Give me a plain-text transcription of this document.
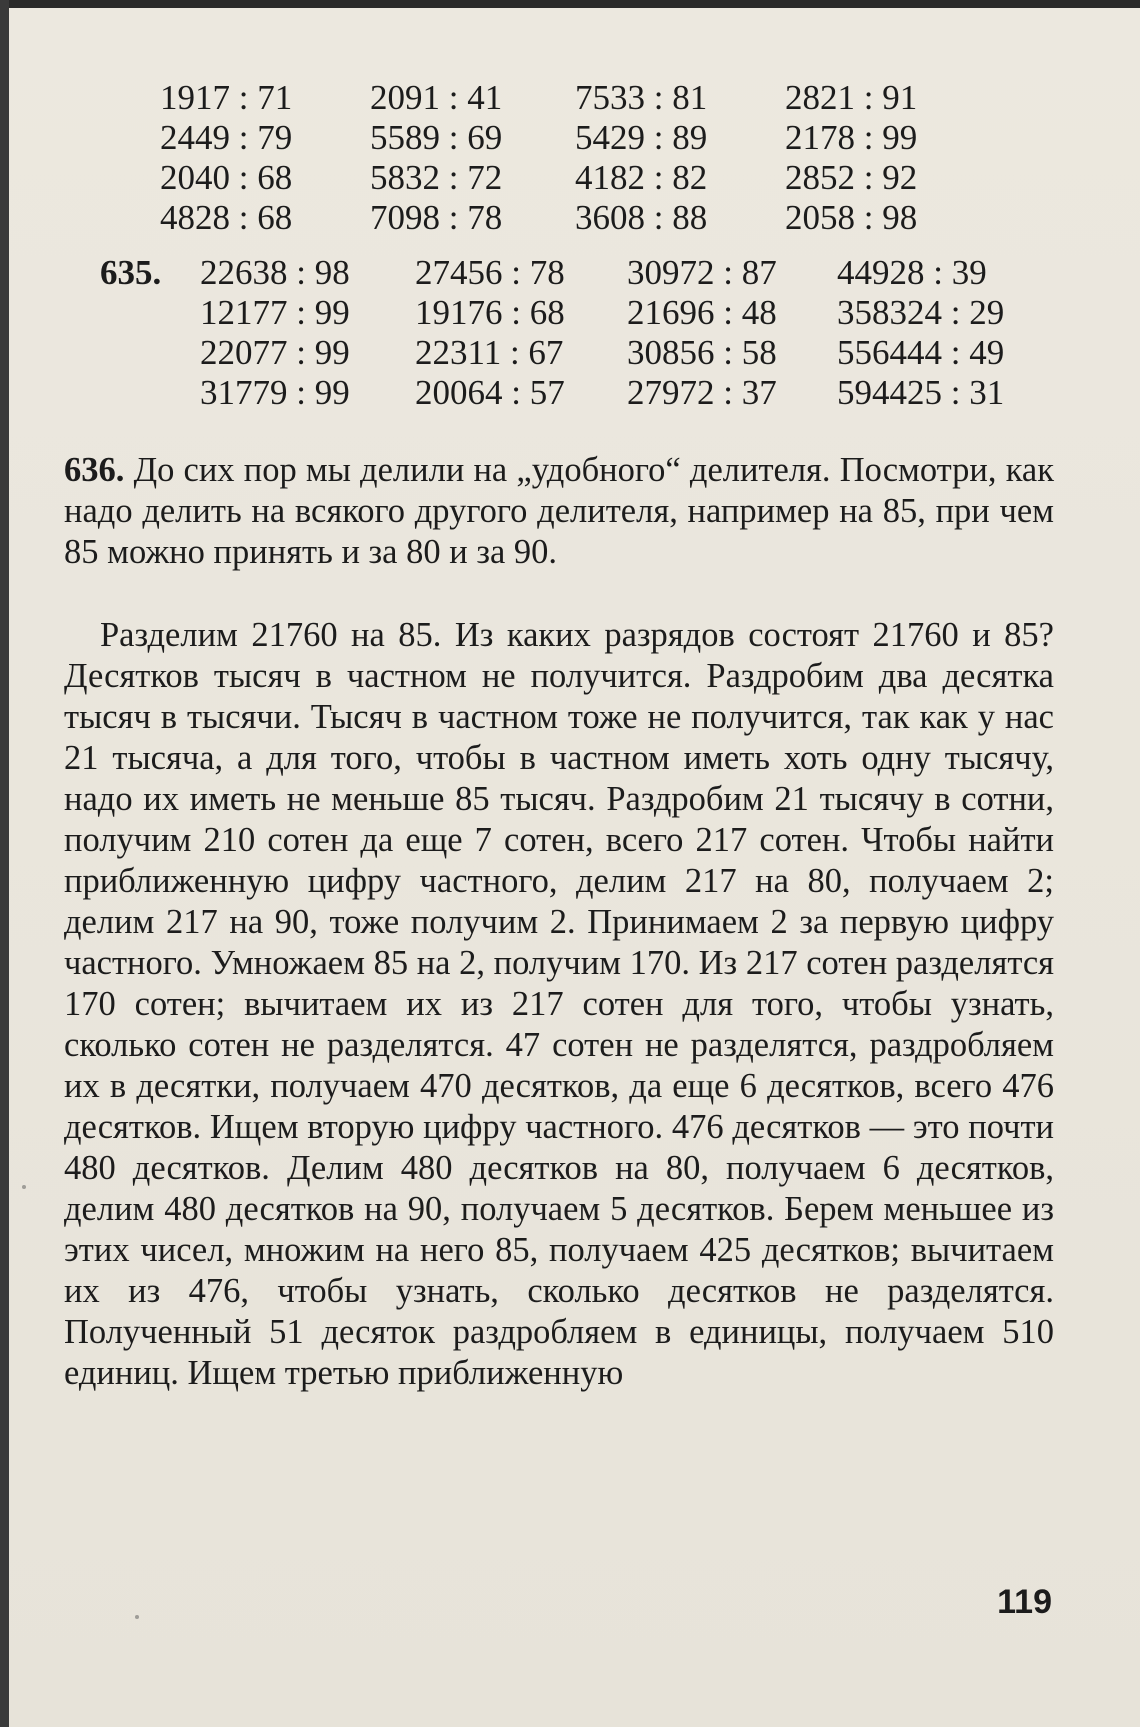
1917 : 71	2091 : 41	7533 : 81	2821 : 91
2449 : 79	5589 : 69	5429 : 89	2178 : 99
2040 : 68	5832 : 72	4182 : 82	2852 : 92
4828 : 68	7098 : 78	3608 : 88	2058 : 98
635.	22638 : 98	27456 : 78	30972 : 87	44928 : 39
12177 : 99	19176 : 68	21696 : 48	358324 : 29
22077 : 99	22311 : 67	30856 : 58	556444 : 49
31779 : 99	20064 : 57	27972 : 37	594425 : 31

636. До сих пор мы делили на „удобного“ делителя. Посмотри, как надо делить на всякого другого делителя, например на 85, при чем 85 можно принять и за 80 и за 90.

Разделим 21760 на 85. Из каких разрядов состоят 21760 и 85? Десятков тысяч в частном не получится. Раздробим два десятка тысяч в тысячи. Тысяч в частном тоже не получится, так как у нас 21 тысяча, а для того, чтобы в частном иметь хоть одну тысячу, надо их иметь не меньше 85 тысяч. Раздробим 21 тысячу в сотни, получим 210 сотен да еще 7 сотен, всего 217 сотен. Чтобы найти приближенную цифру частного, делим 217 на 80, получаем 2; делим 217 на 90, тоже получим 2. Принимаем 2 за первую цифру частного. Умножаем 85 на 2, получим 170. Из 217 сотен разделятся 170 сотен; вычитаем их из 217 сотен для того, чтобы узнать, сколько сотен не разделятся. 47 сотен не разделятся, раздробляем их в десятки, получаем 470 десятков, да еще 6 десятков, всего 476 десятков. Ищем вторую цифру частного. 476 десятков — это почти 480 десятков. Делим 480 десятков на 80, получаем 6 десятков, делим 480 десятков на 90, получаем 5 десятков. Берем меньшее из этих чисел, множим на него 85, получаем 425 десятков; вычитаем их из 476, чтобы узнать, сколько десятков не разделятся. Полученный 51 десяток раздробляем в единицы, получаем 510 единиц. Ищем третью приближенную

119
